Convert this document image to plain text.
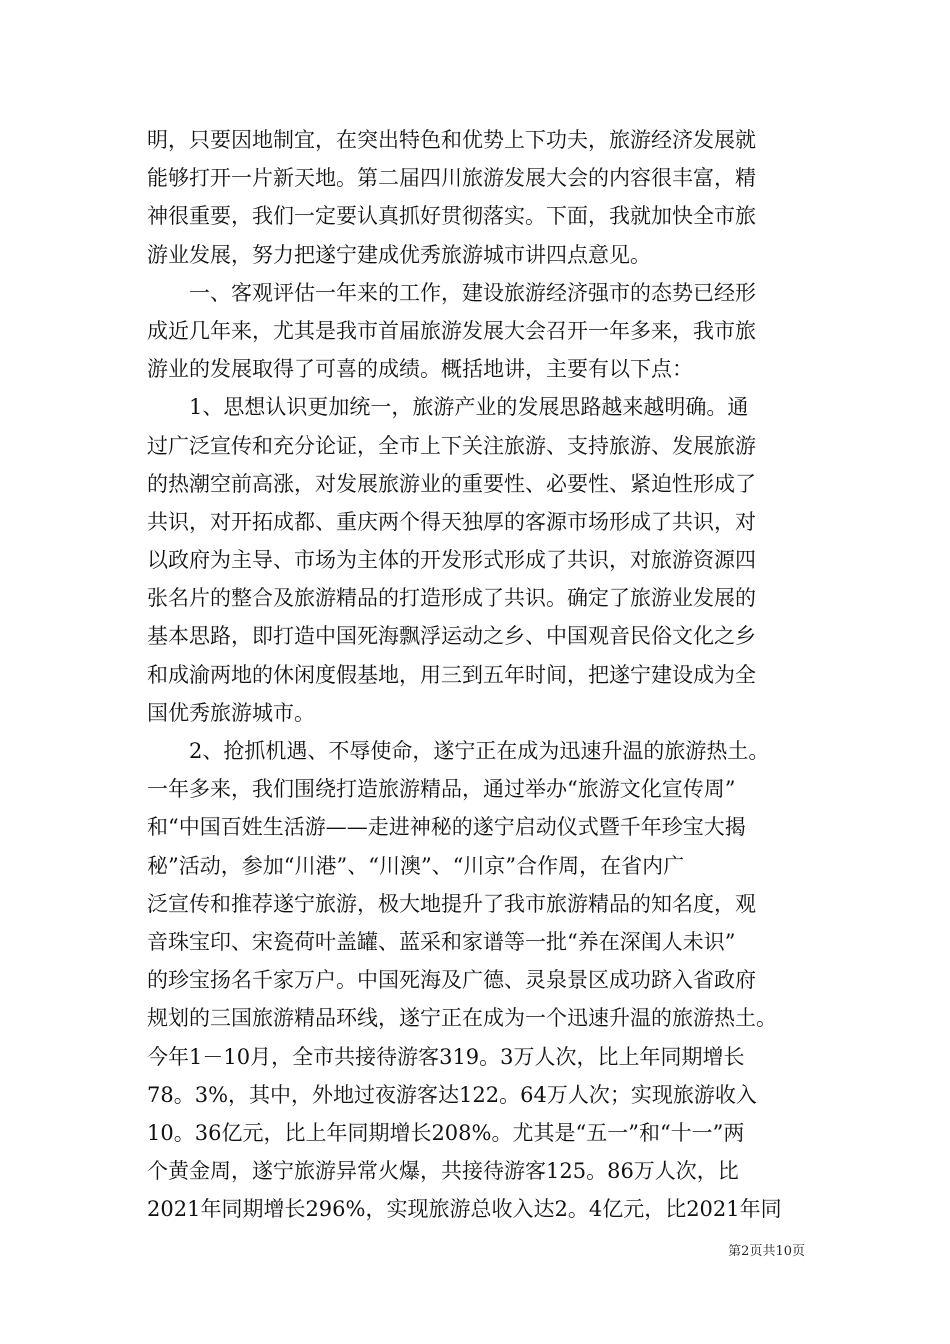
明，只要因地制宜，在突出特色和优势上下功夫，旅游经济发展就
能够打开一片新天地。第二届四川旅游发展大会的内容很丰富，精
神很重要，我们一定要认真抓好贯彻落实。下面，我就加快全市旅
游业发展，努力把遂宁建成优秀旅游城市讲四点意见。
一、客观评估一年来的工作，建设旅游经济强市的态势已经形
成近几年来，尤其是我市首届旅游发展大会召开一年多来，我市旅
游业的发展取得了可喜的成绩。概括地讲，主要有以下点：
1、思想认识更加统一，旅游产业的发展思路越来越明确。通
过广泛宣传和充分论证，全市上下关注旅游、支持旅游、发展旅游
的热潮空前高涨，对发展旅游业的重要性、必要性、紧迫性形成了
共识，对开拓成都、重庆两个得天独厚的客源市场形成了共识，对
以政府为主导、市场为主体的开发形式形成了共识，对旅游资源四
张名片的整合及旅游精品的打造形成了共识。确定了旅游业发展的
基本思路，即打造中国死海飘浮运动之乡、中国观音民俗文化之乡
和成渝两地的休闲度假基地，用三到五年时间，把遂宁建设成为全
国优秀旅游城市。
2、抢抓机遇、不辱使命，遂宁正在成为迅速升温的旅游热土。
一年多来，我们围绕打造旅游精品，通过举办“旅游文化宣传周”
和“中国百姓生活游——走进神秘的遂宁启动仪式暨千年珍宝大揭
秘”活动，参加“川港”、“川澳”、“川京”合作周，在省内广
泛宣传和推荐遂宁旅游，极大地提升了我市旅游精品的知名度，观
音珠宝印、宋瓷荷叶盖罐、蓝采和家谱等一批“养在深闺人未识”
的珍宝扬名千家万户。中国死海及广德、灵泉景区成功跻入省政府
规划的三国旅游精品环线，遂宁正在成为一个迅速升温的旅游热土。
今年1－10月，全市共接待游客319。3万人次，比上年同期增长
78。3%，其中，外地过夜游客达122。64万人次；实现旅游收入
10。36亿元，比上年同期增长208%。尤其是“五一”和“十一”两
个黄金周，遂宁旅游异常火爆，共接待游客125。86万人次，比
2021年同期增长296%，实现旅游总收入达2。4亿元，比2021年同
第2页共10页
